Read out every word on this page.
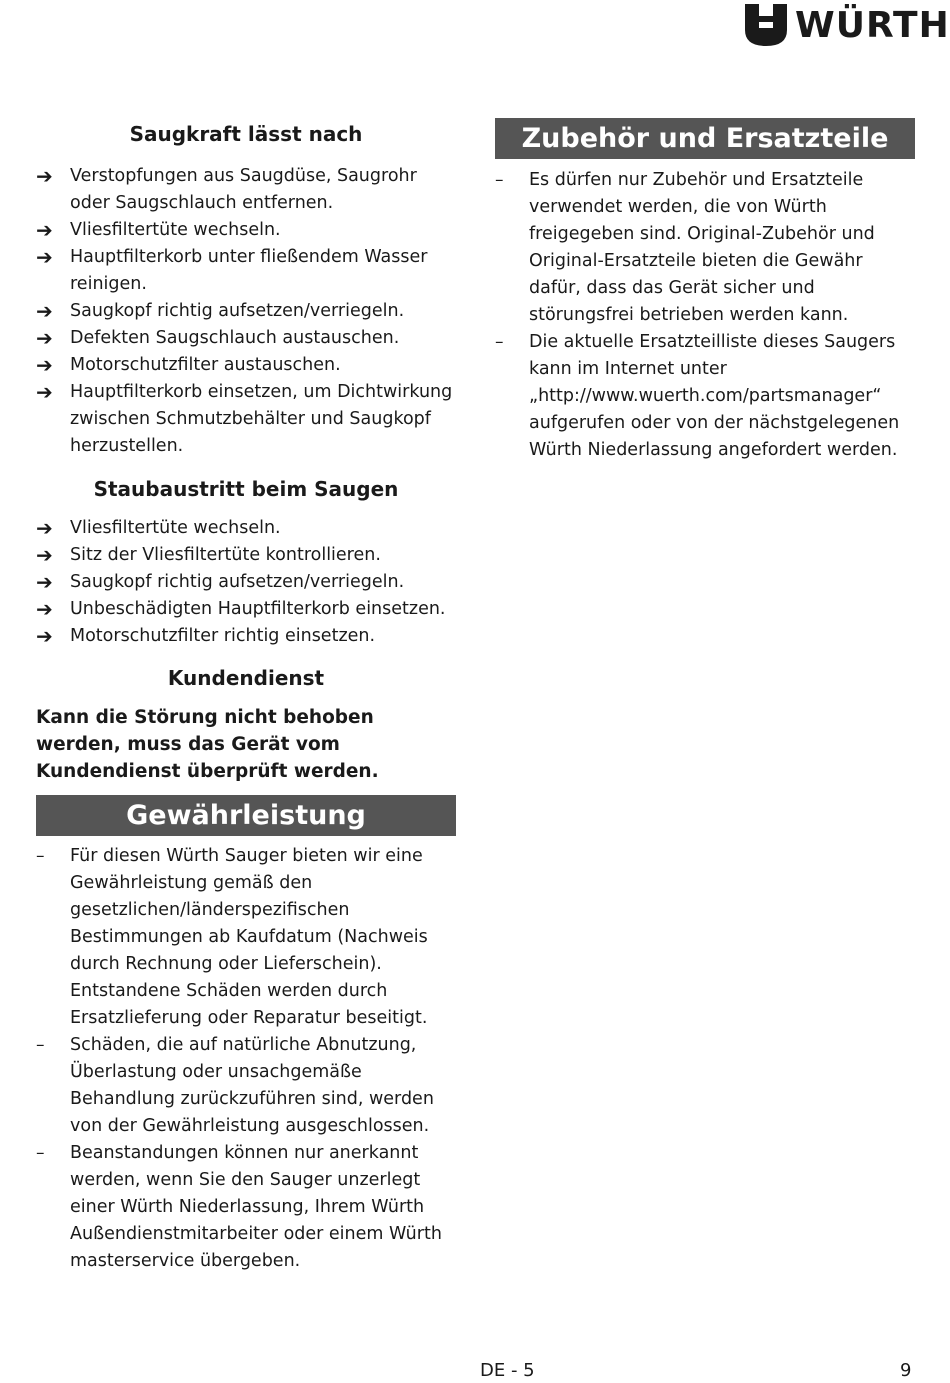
WÜRTH
Saugkraft lässt nach
➔ Verstopfungen aus Saugdüse, Saugrohr oder Saugschlauch entfernen.
➔ Vliesfiltertüte wechseln.
➔ Hauptfilterkorb unter fließendem Wasser reinigen.
➔ Saugkopf richtig aufsetzen/verriegeln.
➔ Defekten Saugschlauch austauschen.
➔ Motorschutzfilter austauschen.
➔ Hauptfilterkorb einsetzen, um Dichtwirkung zwischen Schmutzbehälter und Saugkopf herzustellen.
Staubaustritt beim Saugen
➔ Vliesfiltertüte wechseln.
➔ Sitz der Vliesfiltertüte kontrollieren.
➔ Saugkopf richtig aufsetzen/verriegeln.
➔ Unbeschädigten Hauptfilterkorb einsetzen.
➔ Motorschutzfilter richtig einsetzen.
Kundendienst

Kann die Störung nicht behoben werden, muss das Gerät vom Kundendienst überprüft werden.

Gewährleistung
–	Für diesen Würth Sauger bieten wir eine Gewährleistung gemäß den gesetzlichen/länderspezifischen Bestimmungen ab Kaufdatum (Nachweis durch Rechnung oder Lieferschein). Entstandene Schäden werden durch Ersatzlieferung oder Reparatur beseitigt.
–	Schäden, die auf natürliche Abnutzung, Überlastung oder unsachgemäße Behandlung zurückzuführen sind, werden von der Gewährleistung ausgeschlossen.
–	Beanstandungen können nur anerkannt werden, wenn Sie den Sauger unzerlegt einer Würth Niederlassung, Ihrem Würth Außendienstmitarbeiter oder einem Würth masterservice übergeben.
Zubehör und Ersatzteile
–	Es dürfen nur Zubehör und Ersatzteile verwendet werden, die von Würth freigegeben sind. Original-Zubehör und Original-Ersatzteile bieten die Gewähr dafür, dass das Gerät sicher und störungsfrei betrieben werden kann.
–	Die aktuelle Ersatzteilliste dieses Saugers kann im Internet unter „http://www.wuerth.com/partsmanager“ aufgerufen oder von der nächstgelegenen Würth Niederlassung angefordert werden.
DE - 5	9
